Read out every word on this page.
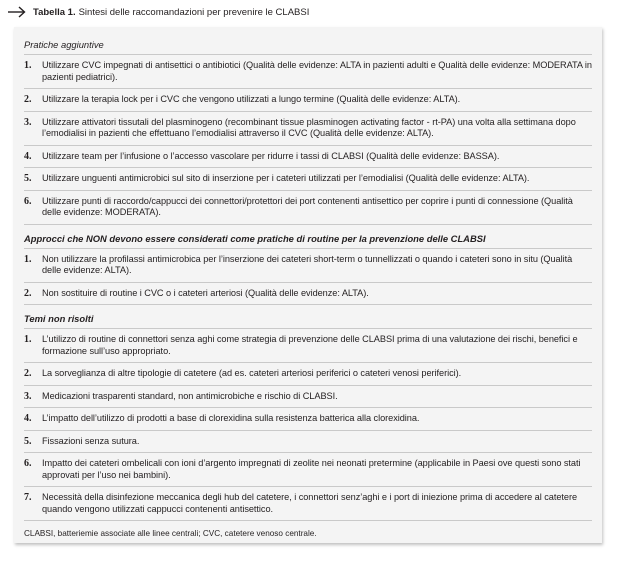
Tabella 1. Sintesi delle raccomandazioni per prevenire le CLABSI
Pratiche aggiuntive
1.	Utilizzare CVC impegnati di antisettici o antibiotici (Qualità delle evidenze: ALTA in pazienti adulti e Qualità delle evidenze: MODERATA in pazienti pediatrici).
2.	Utilizzare la terapia lock per i CVC che vengono utilizzati a lungo termine (Qualità delle evidenze: ALTA).
3.	Utilizzare attivatori tissutali del plasminogeno (recombinant tissue plasminogen activating factor - rt-PA) una volta alla settimana dopo l’emodialisi in pazienti che effettuano l’emodialisi attraverso il CVC (Qualità delle evidenze: ALTA).
4.	Utilizzare team per l’infusione o l’accesso vascolare per ridurre i tassi di CLABSI (Qualità delle evidenze: BASSA).
5.	Utilizzare unguenti antimicrobici sul sito di inserzione per i cateteri utilizzati per l’emodialisi (Qualità delle evidenze: ALTA).
6.	Utilizzare punti di raccordo/cappucci dei connettori/protettori dei port contenenti antisettico per coprire i punti di connessione (Qualità delle evidenze: MODERATA).
Approcci che NON devono essere considerati come pratiche di routine per la prevenzione delle CLABSI
1.	Non utilizzare la profilassi antimicrobica per l’inserzione dei cateteri short-term o tunnellizzati o quando i cateteri sono in situ (Qualità delle evidenze: ALTA).
2.	Non sostituire di routine i CVC o i cateteri arteriosi (Qualità delle evidenze: ALTA).
Temi non risolti
1.	L’utilizzo di routine di connettori senza aghi come strategia di prevenzione delle CLABSI prima di una valutazione dei rischi, benefici e formazione sull’uso appropriato.
2.	La sorveglianza di altre tipologie di catetere (ad es. cateteri arteriosi periferici o cateteri venosi periferici).
3.	Medicazioni trasparenti standard, non antimicrobiche e rischio di CLABSI.
4.	L’impatto dell’utilizzo di prodotti a base di clorexidina sulla resistenza batterica alla clorexidina.
5.	Fissazioni senza sutura.
6.	Impatto dei cateteri ombelicali con ioni d’argento impregnati di zeolite nei neonati pretermine (applicabile in Paesi ove questi sono stati approvati per l’uso nei bambini).
7.	Necessità della disinfezione meccanica degli hub del catetere, i connettori senz’aghi e i port di iniezione prima di accedere al catetere quando vengono utilizzati cappucci contenenti antisettico.
CLABSI, batteriemie associate alle linee centrali; CVC, catetere venoso centrale.
